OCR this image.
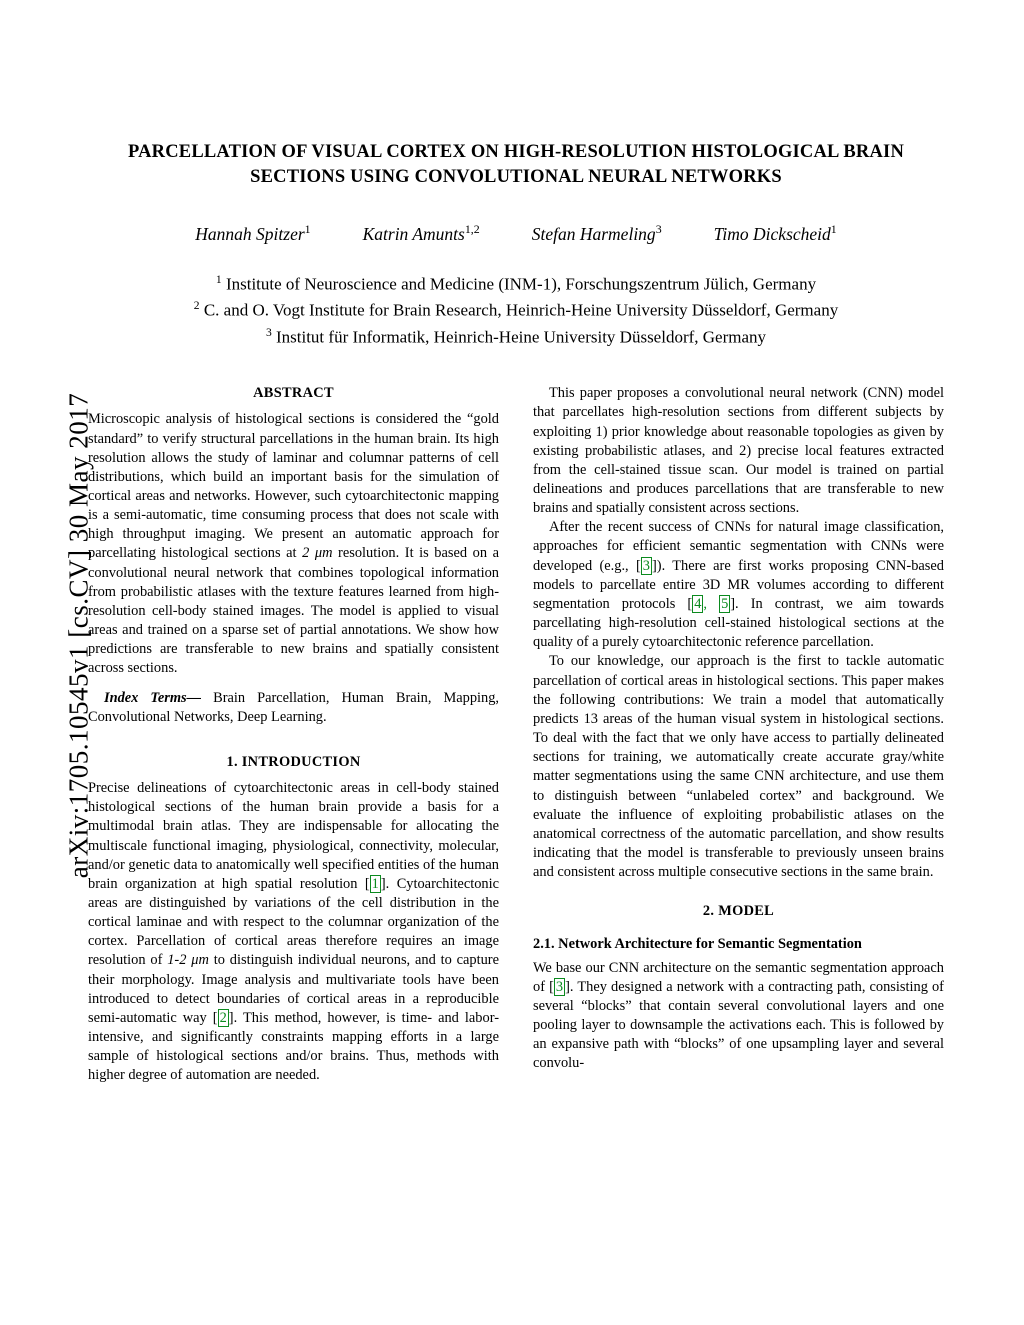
arXiv:1705.10545v1 [cs.CV] 30 May 2017
PARCELLATION OF VISUAL CORTEX ON HIGH-RESOLUTION HISTOLOGICAL BRAIN SECTIONS USING CONVOLUTIONAL NEURAL NETWORKS
Hannah Spitzer$^1$	Katrin Amunts$^{1,2}$	Stefan Harmeling$^3$	Timo Dickscheid$^1$
$^1$ Institute of Neuroscience and Medicine (INM-1), Forschungszentrum Jülich, Germany
$^2$ C. and O. Vogt Institute for Brain Research, Heinrich-Heine University Düsseldorf, Germany
$^3$ Institut für Informatik, Heinrich-Heine University Düsseldorf, Germany
ABSTRACT

Microscopic analysis of histological sections is considered the “gold standard” to verify structural parcellations in the human brain. Its high resolution allows the study of laminar and columnar patterns of cell distributions, which build an important basis for the simulation of cortical areas and networks. However, such cytoarchitectonic mapping is a semi-automatic, time consuming process that does not scale with high throughput imaging. We present an automatic approach for parcellating histological sections at 2 μm resolution. It is based on a convolutional neural network that combines topological information from probabilistic atlases with the texture features learned from high-resolution cell-body stained images. The model is applied to visual areas and trained on a sparse set of partial annotations. We show how predictions are transferable to new brains and spatially consistent across sections.

Index Terms— Brain Parcellation, Human Brain, Mapping, Convolutional Networks, Deep Learning.

1. INTRODUCTION

Precise delineations of cytoarchitectonic areas in cell-body stained histological sections of the human brain provide a basis for a multimodal brain atlas. They are indispensable for allocating the multiscale functional imaging, physiological, connectivity, molecular, and/or genetic data to anatomically well specified entities of the human brain organization at high spatial resolution [ 1 ]. Cytoarchitectonic areas are distinguished by variations of the cell distribution in the cortical laminae and with respect to the columnar organization of the cortex. Parcellation of cortical areas therefore requires an image resolution of 1-2 μm to distinguish individual neurons, and to capture their morphology. Image analysis and multivariate tools have been introduced to detect boundaries of cortical areas in a reproducible semi-automatic way [ 2 ]. This method, however, is time- and labor-intensive, and significantly constraints mapping efforts in a large sample of histological sections and/or brains. Thus, methods with higher degree of automation are needed.

This paper proposes a convolutional neural network (CNN) model that parcellates high-resolution sections from different subjects by exploiting 1) prior knowledge about reasonable topologies as given by existing probabilistic atlases, and 2) precise local features extracted from the cell-stained tissue scan. Our model is trained on partial delineations and produces parcellations that are transferable to new brains and spatially consistent across sections.

After the recent success of CNNs for natural image classification, approaches for efficient semantic segmentation with CNNs were developed (e.g., [ 3 ]). There are first works proposing CNN-based models to parcellate entire 3D MR volumes according to different segmentation protocols [ 4 , 5 ]. In contrast, we aim towards parcellating high-resolution cell-stained histological sections at the quality of a purely cytoarchitectonic reference parcellation.

To our knowledge, our approach is the first to tackle automatic parcellation of cortical areas in histological sections. This paper makes the following contributions: We train a model that automatically predicts 13 areas of the human visual system in histological sections. To deal with the fact that we only have access to partially delineated sections for training, we automatically create accurate gray/white matter segmentations using the same CNN architecture, and use them to distinguish between “unlabeled cortex” and background. We evaluate the influence of exploiting probabilistic atlases on the anatomical correctness of the automatic parcellation, and show results indicating that the model is transferable to previously unseen brains and consistent across multiple consecutive sections in the same brain.

2. MODEL
2.1. Network Architecture for Semantic Segmentation

We base our CNN architecture on the semantic segmentation approach of [ 3 ]. They designed a network with a contracting path, consisting of several “blocks” that contain several convolutional layers and one pooling layer to downsample the activations each. This is followed by an expansive path with “blocks” of one upsampling layer and several convolu-
